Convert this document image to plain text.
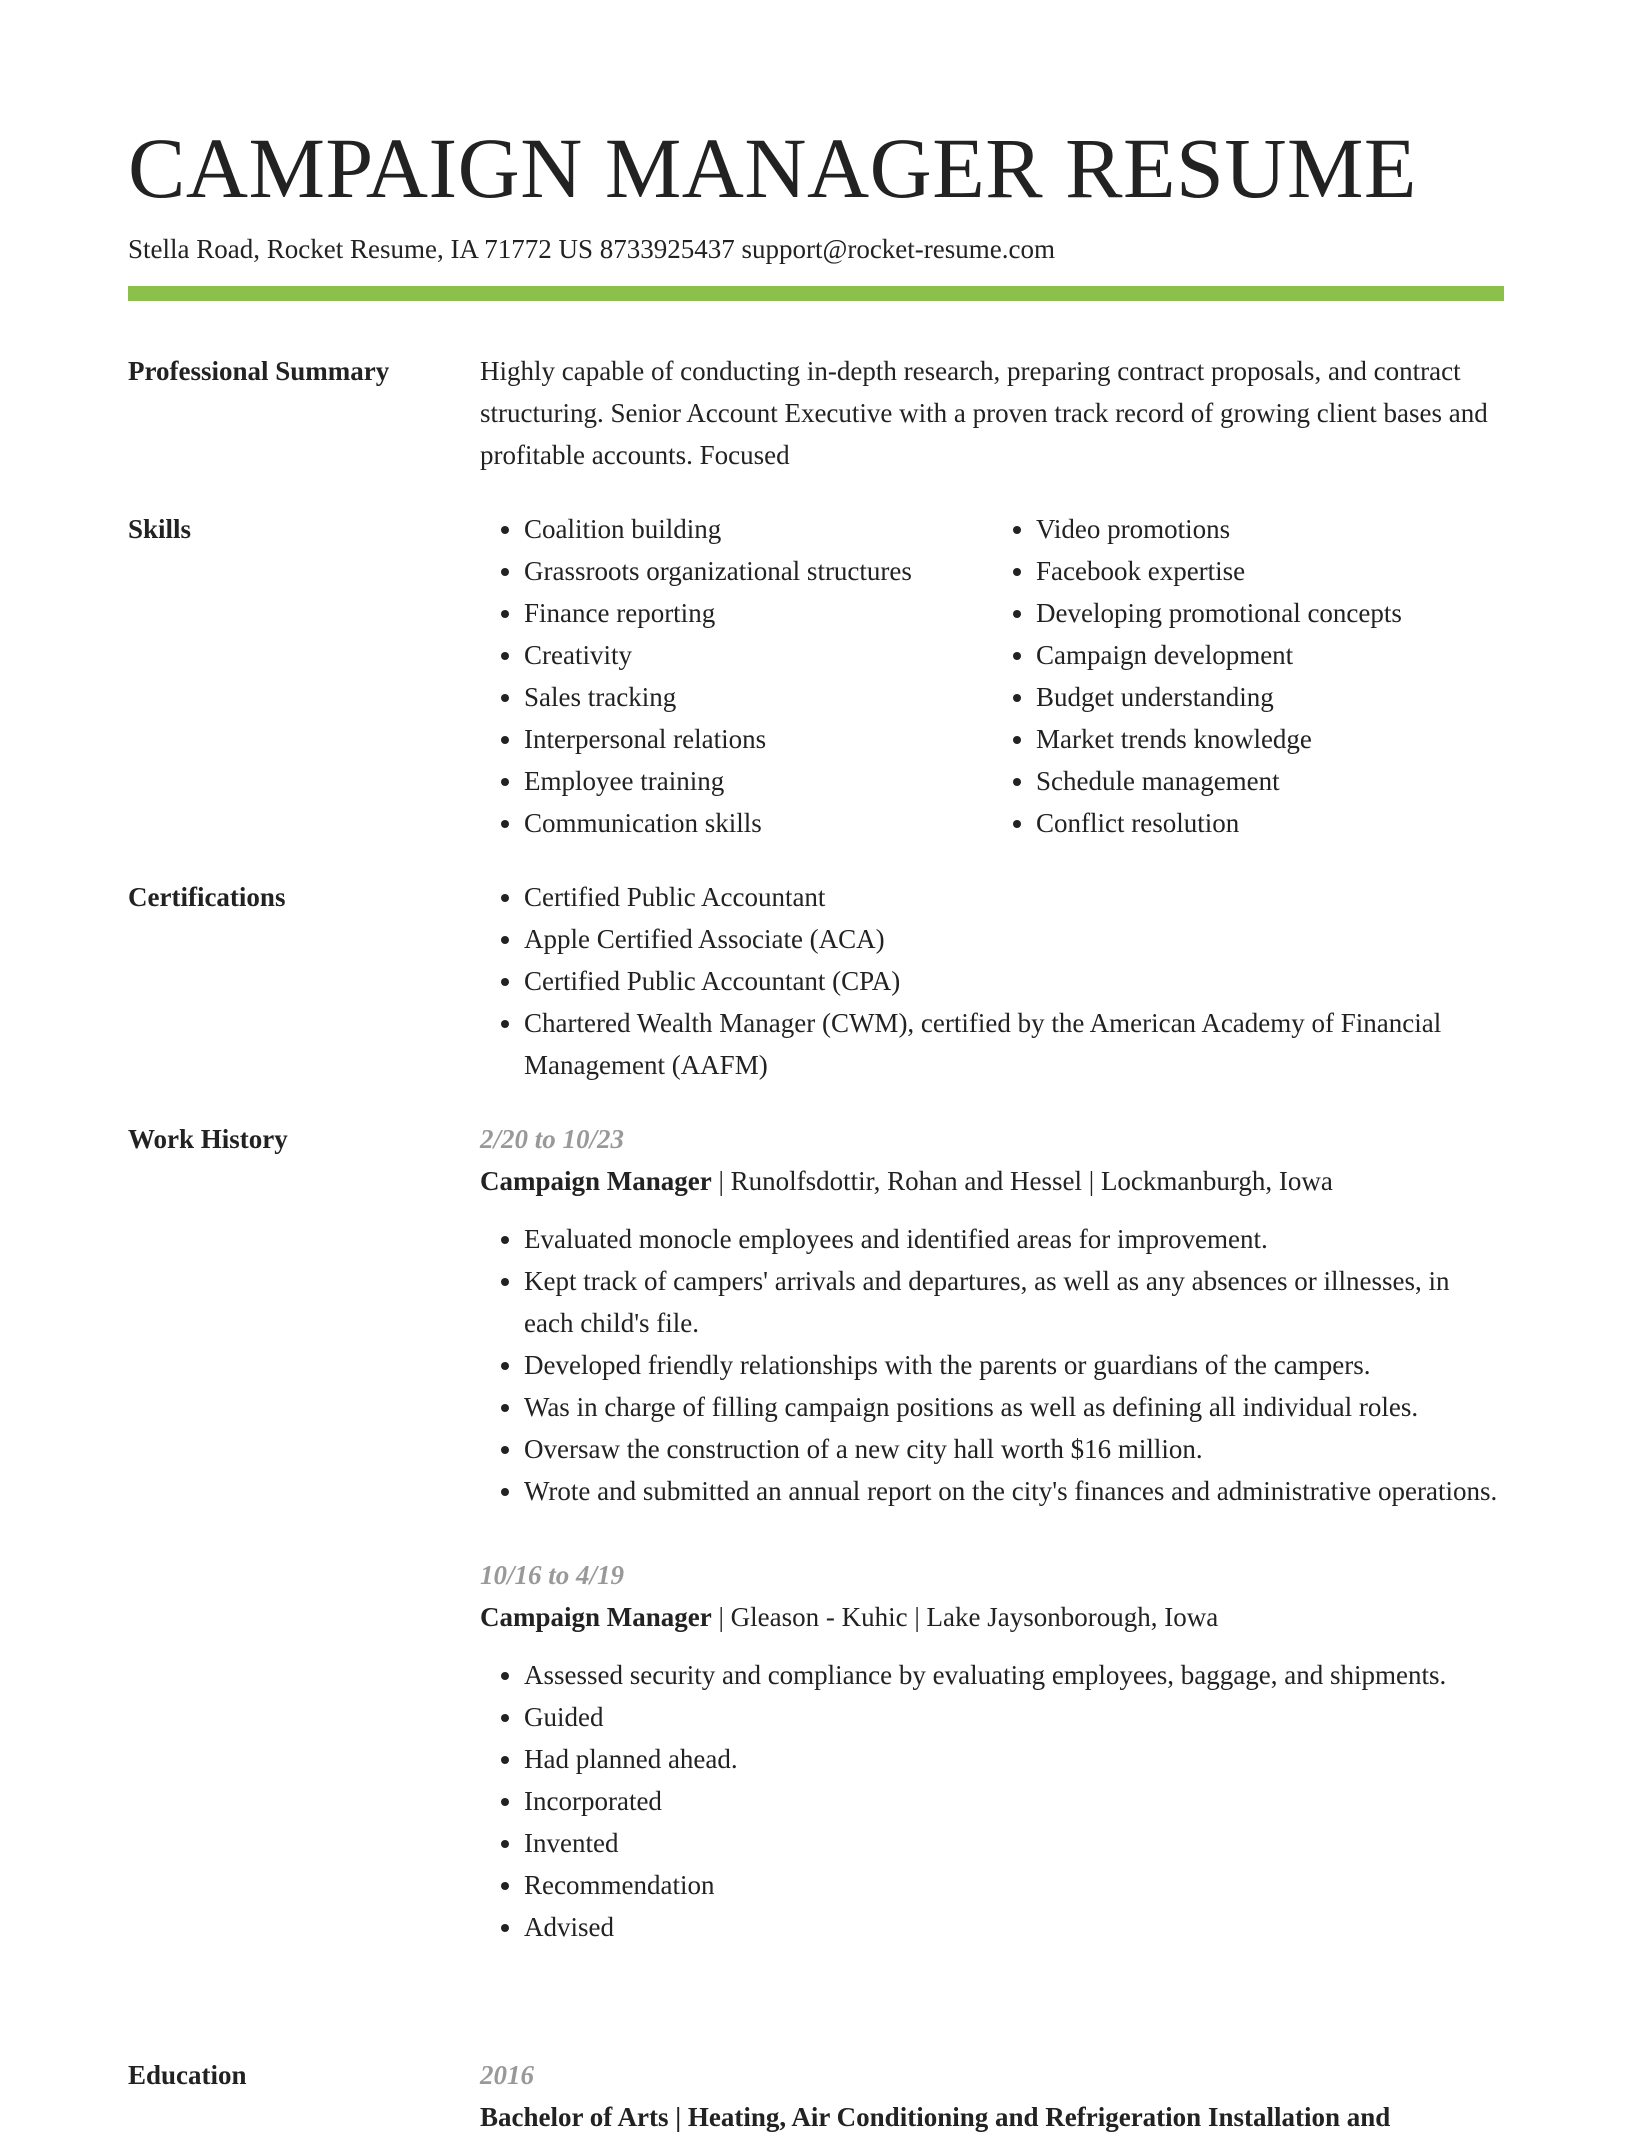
CAMPAIGN MANAGER RESUME
Stella Road, Rocket Resume, IA 71772 US 8733925437 support@rocket-resume.com
Professional Summary	Highly capable of conducting in-depth research, preparing contract proposals, and contract structuring. Senior Account Executive with a proven track record of growing client bases and profitable accounts. Focused

Skills	• Coalition building
• Grassroots organizational structures
• Finance reporting
• Creativity
• Sales tracking
• Interpersonal relations
• Employee training
• Communication skills
• Video promotions
• Facebook expertise
• Developing promotional concepts
• Campaign development
• Budget understanding
• Market trends knowledge
• Schedule management
• Conflict resolution
Certifications	• Certified Public Accountant
• Apple Certified Associate (ACA)
• Certified Public Accountant (CPA)
• Chartered Wealth Manager (CWM), certified by the American Academy of Financial Management (AAFM)
Work History	2/20 to 10/23

Campaign Manager | Runolfsdottir, Rohan and Hessel | Lockmanburgh, Iowa

• Evaluated monocle employees and identified areas for improvement.
• Kept track of campers' arrivals and departures, as well as any absences or illnesses, in each child's file.
• Developed friendly relationships with the parents or guardians of the campers.
• Was in charge of filling campaign positions as well as defining all individual roles.
• Oversaw the construction of a new city hall worth $16 million.
• Wrote and submitted an annual report on the city's finances and administrative operations.

10/16 to 4/19

Campaign Manager | Gleason - Kuhic | Lake Jaysonborough, Iowa

• Assessed security and compliance by evaluating employees, baggage, and shipments.
• Guided
• Had planned ahead.
• Incorporated
• Invented
• Recommendation
• Advised
Education	2016

Bachelor of Arts | Heating, Air Conditioning and Refrigeration Installation and
